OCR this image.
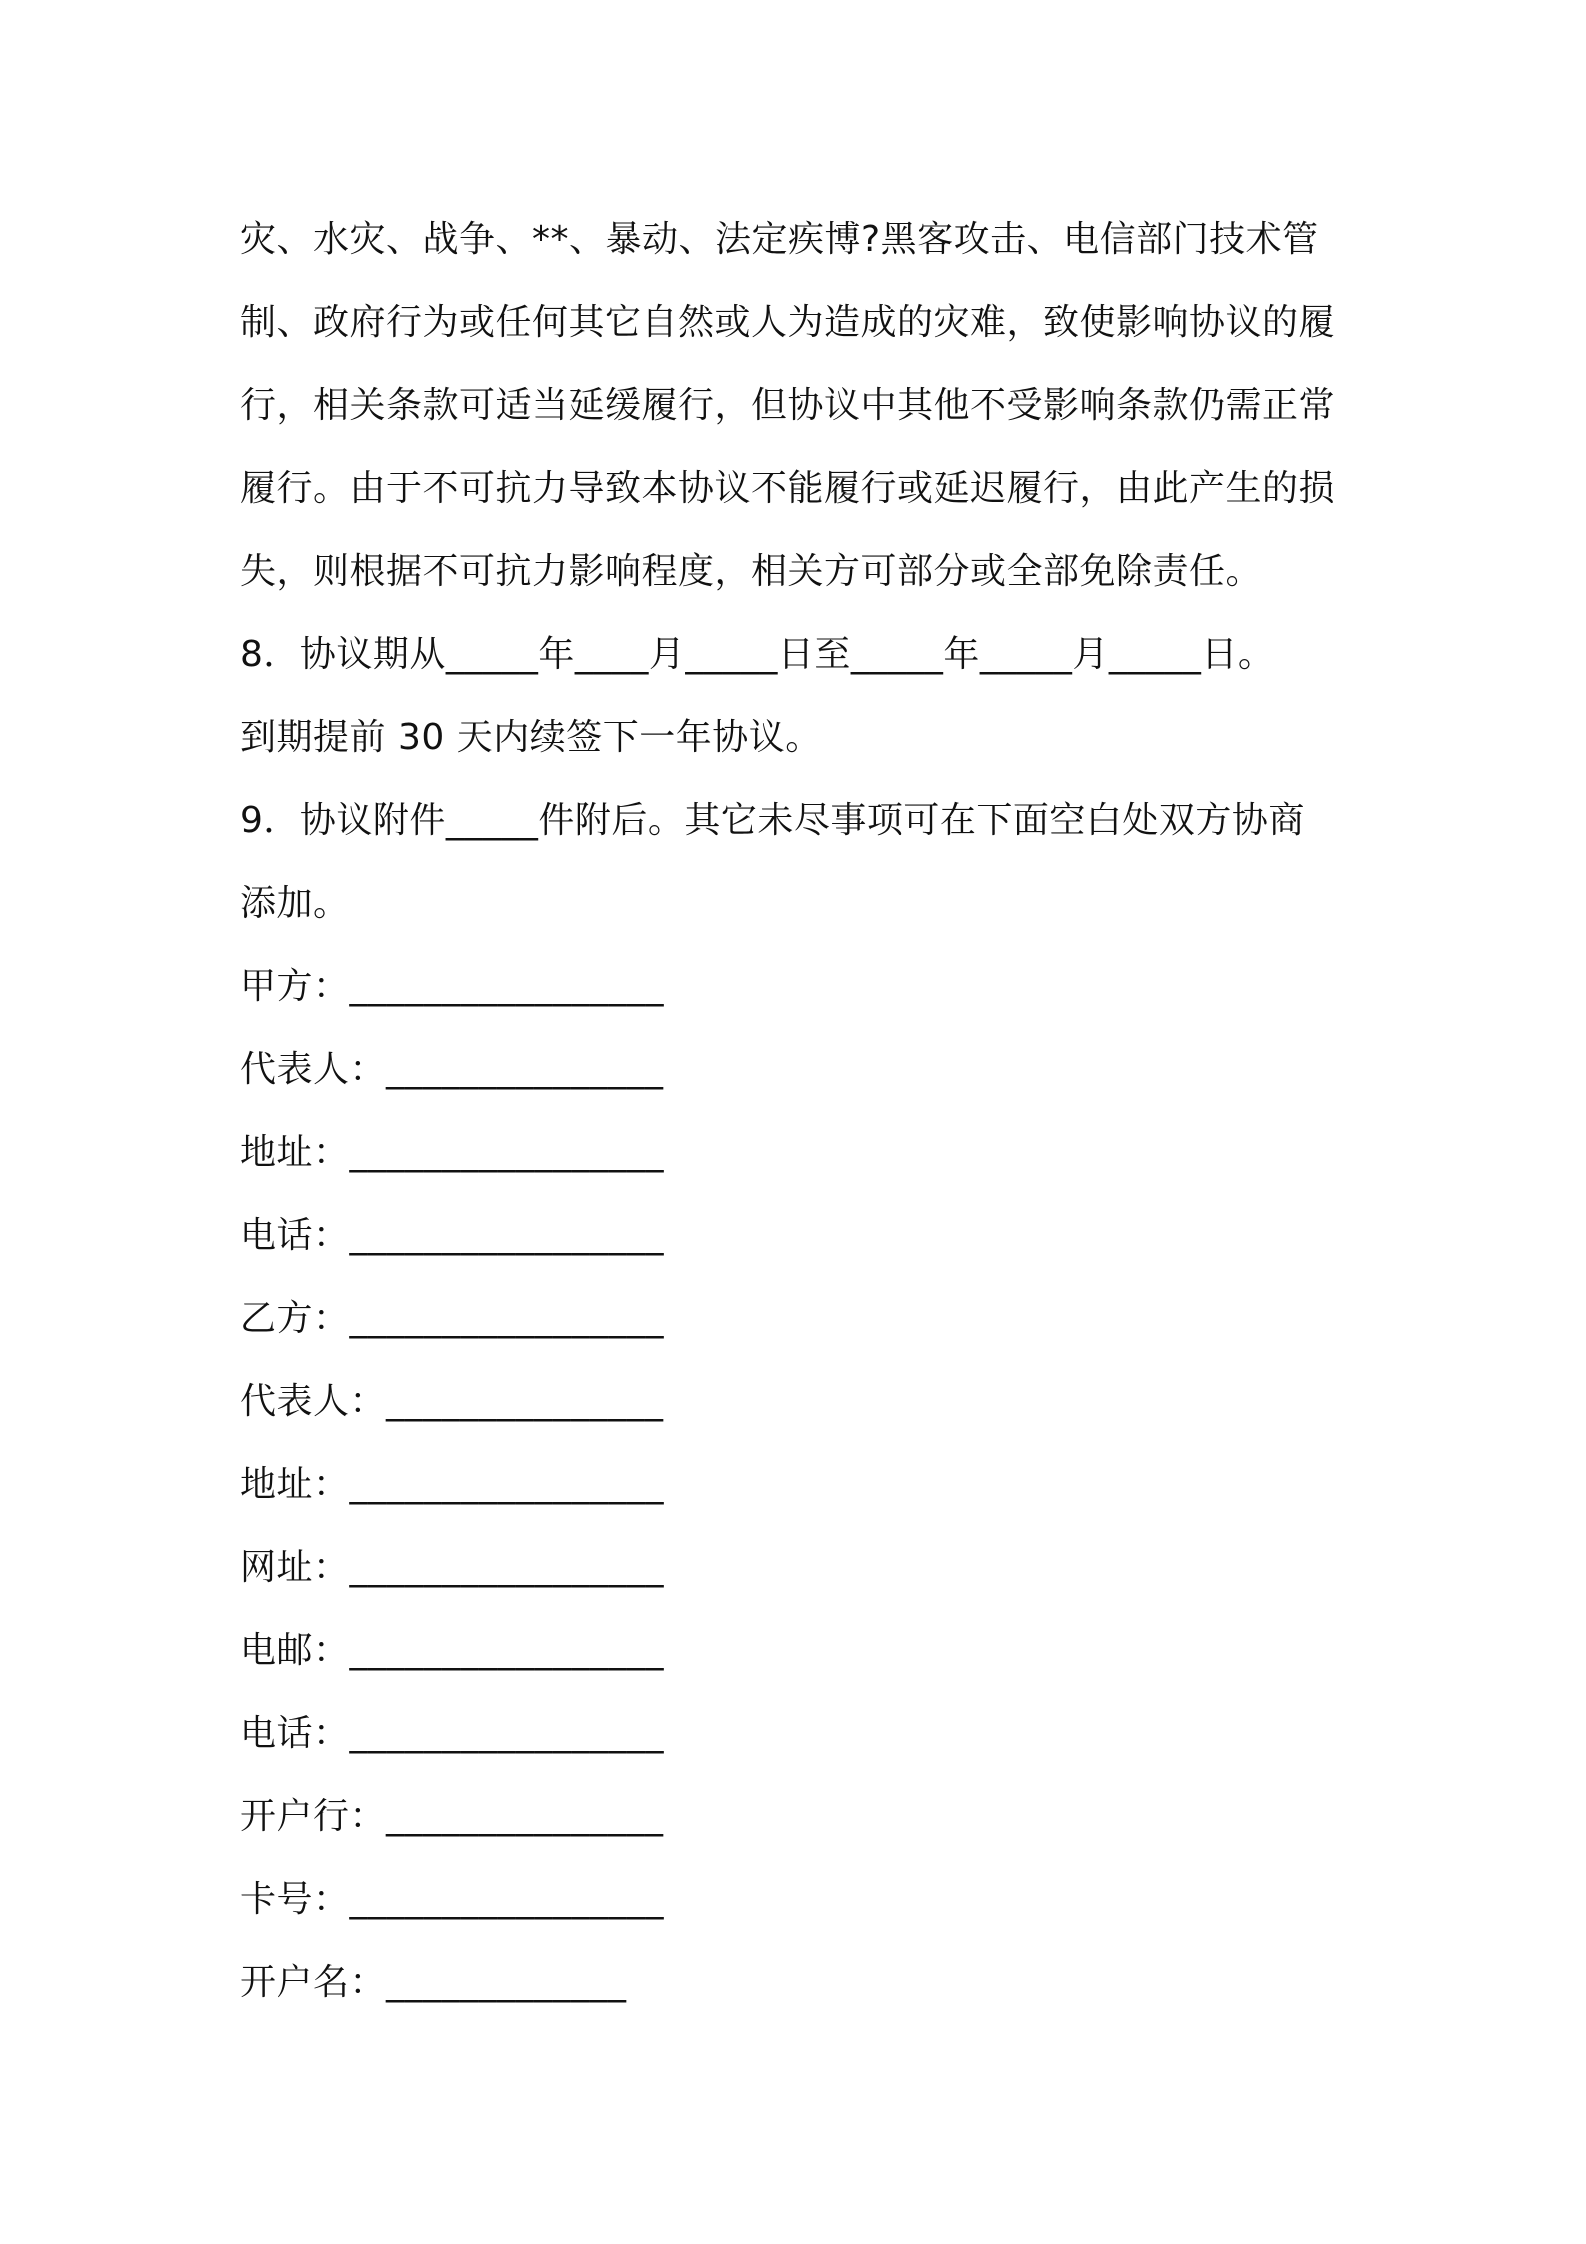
灾、水灾、战争、**、暴动、法定疾博?黑客攻击、电信部门技术管
制、政府行为或任何其它自然或人为造成的灾难，致使影响协议的履
行，相关条款可适当延缓履行，但协议中其他不受影响条款仍需正常
履行。由于不可抗力导致本协议不能履行或延迟履行，由此产生的损
失，则根据不可抗力影响程度，相关方可部分或全部免除责任。
8．协议期从_____年____月_____日至_____年_____月_____日。
到期提前 30 天内续签下一年协议。
9．协议附件_____件附后。其它未尽事项可在下面空白处双方协商
添加。
甲方：_________________
代表人：_______________
地址：_________________
电话：_________________
乙方：_________________
代表人：_______________
地址：_________________
网址：_________________
电邮：_________________
电话：_________________
开户行：_______________
卡号：_________________
开户名：_____________
